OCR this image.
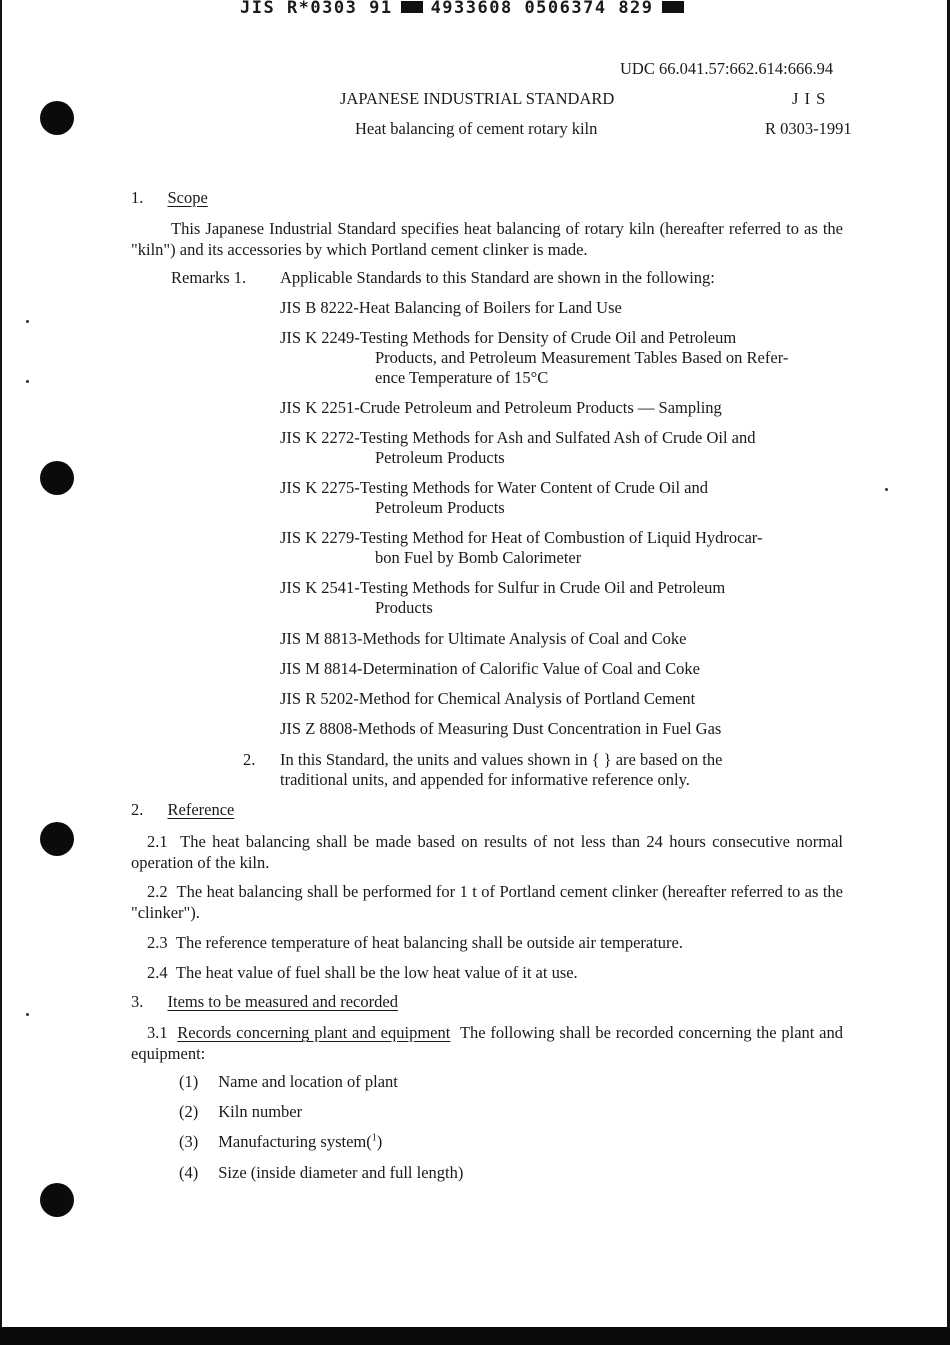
JIS R*0303 91 4933608 0506374 829
UDC 66.041.57:662.614:666.94
JAPANESE INDUSTRIAL STANDARD	J I S
Heat balancing of cement rotary kiln	R 0303-1991
1. Scope
This Japanese Industrial Standard specifies heat balancing of rotary kiln (hereafter referred to as the "kiln") and its accessories by which Portland cement clinker is made.
Remarks 1. Applicable Standards to this Standard are shown in the following:
JIS B 8222-Heat Balancing of Boilers for Land Use
JIS K 2249-Testing Methods for Density of Crude Oil and Petroleum
Products, and Petroleum Measurement Tables Based on Refer-
ence Temperature of 15°C
JIS K 2251-Crude Petroleum and Petroleum Products — Sampling
JIS K 2272-Testing Methods for Ash and Sulfated Ash of Crude Oil and
Petroleum Products
JIS K 2275-Testing Methods for Water Content of Crude Oil and
Petroleum Products
JIS K 2279-Testing Method for Heat of Combustion of Liquid Hydrocar-
bon Fuel by Bomb Calorimeter
JIS K 2541-Testing Methods for Sulfur in Crude Oil and Petroleum
Products
JIS M 8813-Methods for Ultimate Analysis of Coal and Coke
JIS M 8814-Determination of Calorific Value of Coal and Coke
JIS R 5202-Method for Chemical Analysis of Portland Cement
JIS Z 8808-Methods of Measuring Dust Concentration in Fuel Gas
2. In this Standard, the units and values shown in { } are based on the
traditional units, and appended for informative reference only.
2. Reference
2.1 The heat balancing shall be made based on results of not less than 24 hours consecutive normal operation of the kiln.
2.2 The heat balancing shall be performed for 1 t of Portland cement clinker (hereafter referred to as the "clinker").
2.3 The reference temperature of heat balancing shall be outside air temperature.
2.4 The heat value of fuel shall be the low heat value of it at use.
3. Items to be measured and recorded
3.1 Records concerning plant and equipment The following shall be recorded concerning the plant and equipment:
(1) Name and location of plant
(2) Kiln number
(3) Manufacturing system($^1$)
(4) Size (inside diameter and full length)
